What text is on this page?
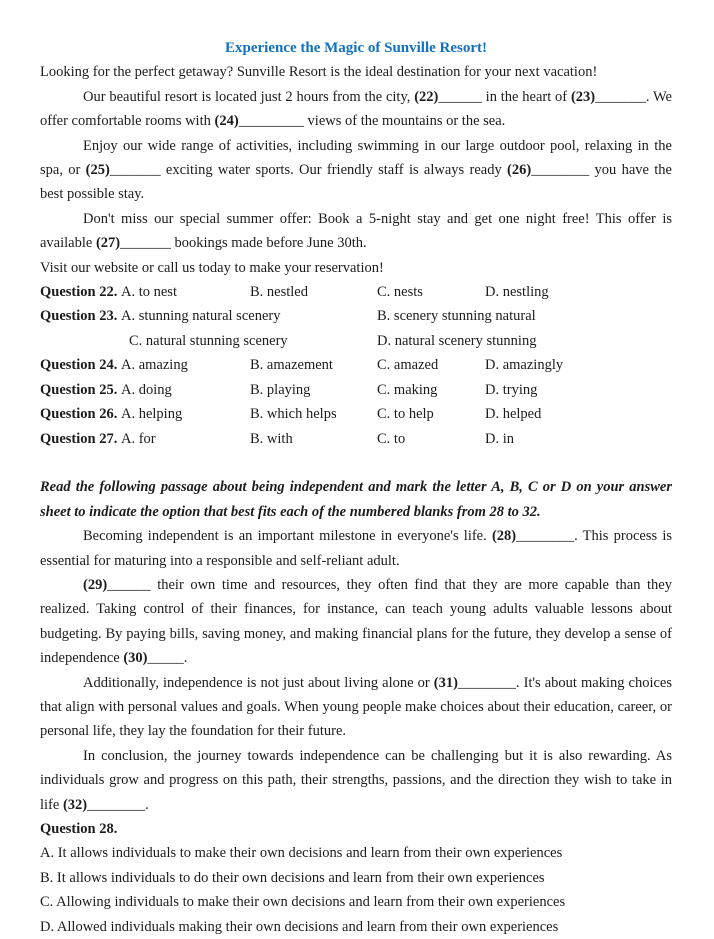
Experience the Magic of Sunville Resort!

Looking for the perfect getaway? Sunville Resort is the ideal destination for your next vacation!

Our beautiful resort is located just 2 hours from the city, (22)______ in the heart of (23)_______. We offer comfortable rooms with (24)_________ views of the mountains or the sea.

Enjoy our wide range of activities, including swimming in our large outdoor pool, relaxing in the spa, or (25)_______ exciting water sports. Our friendly staff is always ready (26)________ you have the best possible stay.

Don't miss our special summer offer: Book a 5-night stay and get one night free! This offer is available (27)_______ bookings made before June 30th.

Visit our website or call us today to make your reservation!

Question 22. A. to nest	B. nestled	C. nests	D. nestling
Question 23. A. stunning natural scenery	B. scenery stunning natural
C. natural stunning scenery	D. natural scenery stunning
Question 24. A. amazing	B. amazement	C. amazed	D. amazingly
Question 25. A. doing	B. playing	C. making	D. trying
Question 26. A. helping	B. which helps	C. to help	D. helped
Question 27. A. for	B. with	C. to	D. in

Read the following passage about being independent and mark the letter A, B, C or D on your answer sheet to indicate the option that best fits each of the numbered blanks from 28 to 32.

Becoming independent is an important milestone in everyone's life. (28)________. This process is essential for maturing into a responsible and self-reliant adult.

(29)______ their own time and resources, they often find that they are more capable than they realized. Taking control of their finances, for instance, can teach young adults valuable lessons about budgeting. By paying bills, saving money, and making financial plans for the future, they develop a sense of independence (30)_____.

Additionally, independence is not just about living alone or (31)________. It's about making choices that align with personal values and goals. When young people make choices about their education, career, or personal life, they lay the foundation for their future.

In conclusion, the journey towards independence can be challenging but it is also rewarding. As individuals grow and progress on this path, their strengths, passions, and the direction they wish to take in life (32)________.

Question 28.

A. It allows individuals to make their own decisions and learn from their own experiences

B. It allows individuals to do their own decisions and learn from their own experiences

C. Allowing individuals to make their own decisions and learn from their own experiences

D. Allowed individuals making their own decisions and learn from their own experiences
